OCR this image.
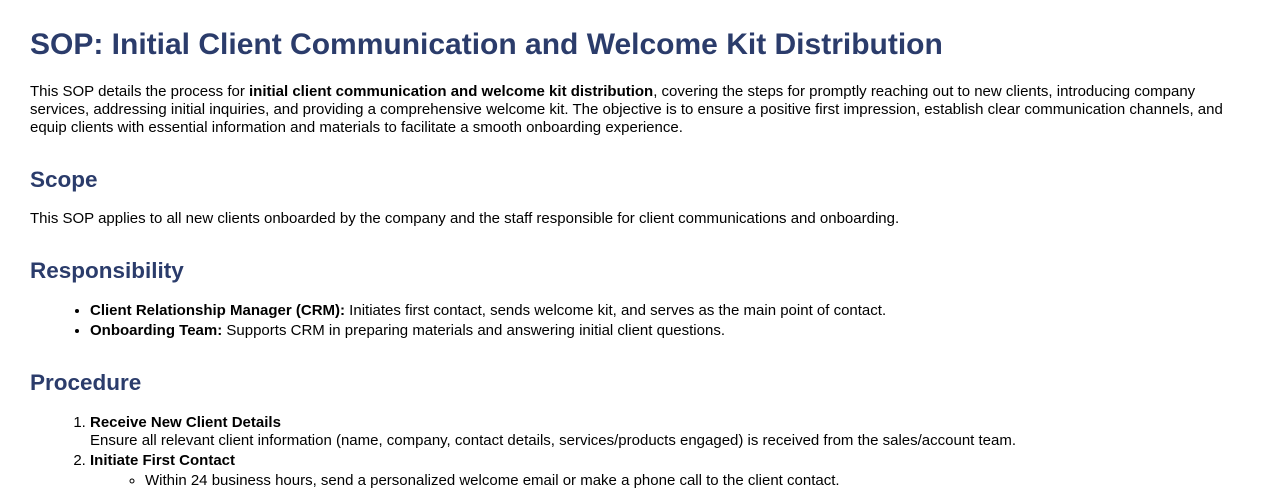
SOP: Initial Client Communication and Welcome Kit Distribution

This SOP details the process for initial client communication and welcome kit distribution, covering the steps for promptly reaching out to new clients, introducing company services, addressing initial inquiries, and providing a comprehensive welcome kit. The objective is to ensure a positive first impression, establish clear communication channels, and equip clients with essential information and materials to facilitate a smooth onboarding experience.

Scope

This SOP applies to all new clients onboarded by the company and the staff responsible for client communications and onboarding.

Responsibility
• Client Relationship Manager (CRM): Initiates first contact, sends welcome kit, and serves as the main point of contact.
• Onboarding Team: Supports CRM in preparing materials and answering initial client questions.
Procedure
1. Receive New Client Details
Ensure all relevant client information (name, company, contact details, services/products engaged) is received from the sales/account team.
2. Initiate First Contact
◦ Within 24 business hours, send a personalized welcome email or make a phone call to the client contact.
